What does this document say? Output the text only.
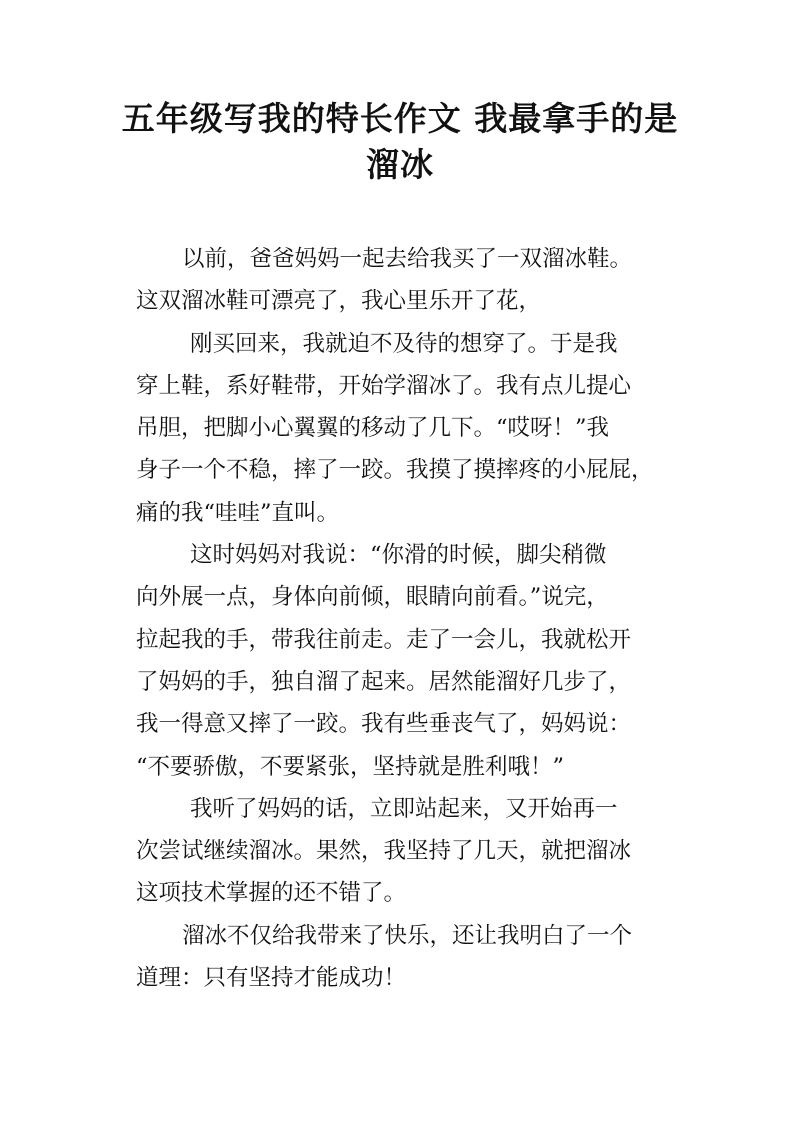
五年级写我的特长作文 我最拿手的是
溜冰
以前，爸爸妈妈一起去给我买了一双溜冰鞋。
这双溜冰鞋可漂亮了，我心里乐开了花，
刚买回来，我就迫不及待的想穿了。于是我
穿上鞋，系好鞋带，开始学溜冰了。我有点儿提心
吊胆，把脚小心翼翼的移动了几下。“哎呀！”我
身子一个不稳，摔了一跤。我摸了摸摔疼的小屁屁，
痛的我“哇哇”直叫。
这时妈妈对我说：“你滑的时候，脚尖稍微
向外展一点，身体向前倾，眼睛向前看。”说完，
拉起我的手，带我往前走。走了一会儿，我就松开
了妈妈的手，独自溜了起来。居然能溜好几步了，
我一得意又摔了一跤。我有些垂丧气了，妈妈说：
“不要骄傲，不要紧张，坚持就是胜利哦！”
我听了妈妈的话，立即站起来，又开始再一
次尝试继续溜冰。果然，我坚持了几天，就把溜冰
这项技术掌握的还不错了。
溜冰不仅给我带来了快乐，还让我明白了一个
道理：只有坚持才能成功！
